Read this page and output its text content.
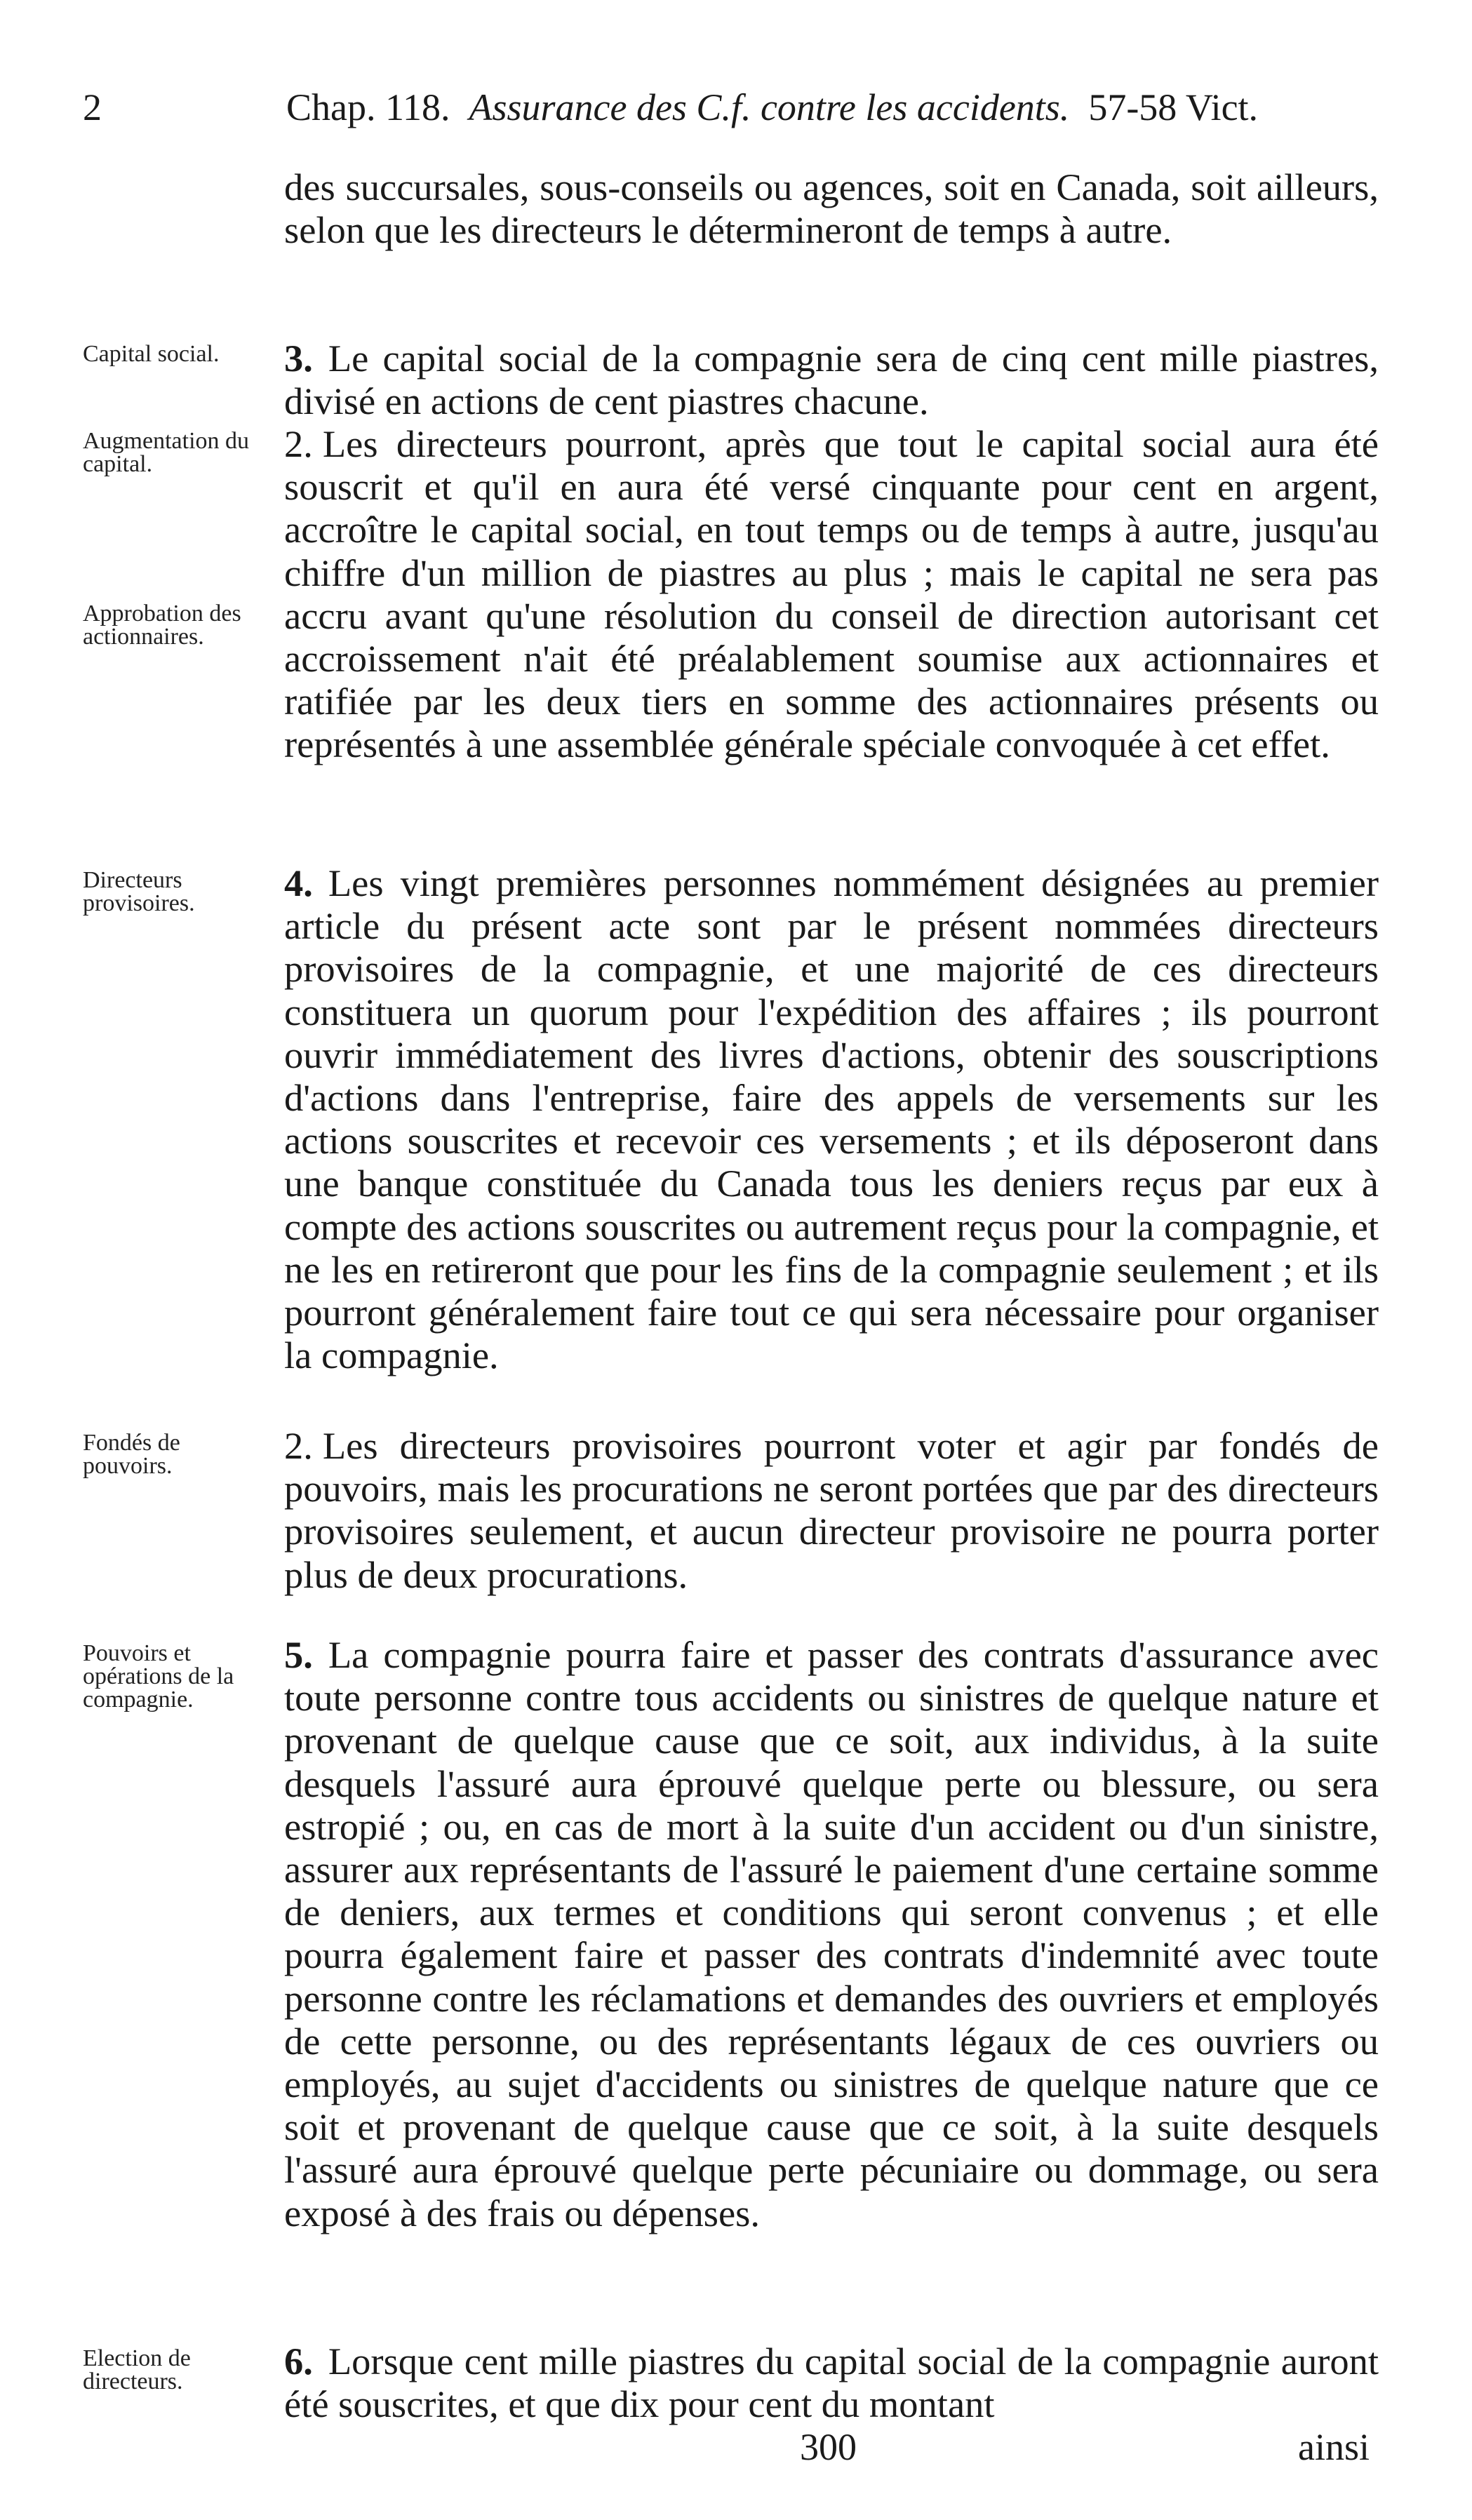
2	Chap. 118. Assurance des C.f. contre les accidents. 57-58 Vict.

des succursales, sous-conseils ou agences, soit en Canada, soit ailleurs, selon que les directeurs le détermineront de temps à autre.

Capital social.	3. Le capital social de la compagnie sera de cinq cent mille piastres, divisé en actions de cent piastres chacune.

Augmentation du capital.

Approbation des actionnaires.

2. Les directeurs pourront, après que tout le capital social aura été souscrit et qu'il en aura été versé cinquante pour cent en argent, accroître le capital social, en tout temps ou de temps à autre, jusqu'au chiffre d'un million de piastres au plus ; mais le capital ne sera pas accru avant qu'une résolution du conseil de direction autorisant cet accroissement n'ait été préalablement soumise aux actionnaires et ratifiée par les deux tiers en somme des actionnaires présents ou représentés à une assemblée générale spéciale convoquée à cet effet.

Directeurs provisoires.	4. Les vingt premières personnes nommément désignées au premier article du présent acte sont par le présent nommées directeurs provisoires de la compagnie, et une majorité de ces directeurs constituera un quorum pour l'expédition des affaires ; ils pourront ouvrir immédiatement des livres d'actions, obtenir des souscriptions d'actions dans l'entreprise, faire des appels de versements sur les actions souscrites et recevoir ces versements ; et ils déposeront dans une banque constituée du Canada tous les deniers reçus par eux à compte des actions souscrites ou autrement reçus pour la compagnie, et ne les en retireront que pour les fins de la compagnie seulement ; et ils pourront généralement faire tout ce qui sera nécessaire pour organiser la compagnie.

Fondés de pouvoirs.	2. Les directeurs provisoires pourront voter et agir par fondés de pouvoirs, mais les procurations ne seront portées que par des directeurs provisoires seulement, et aucun directeur provisoire ne pourra porter plus de deux procurations.

Pouvoirs et opérations de la compagnie.

5. La compagnie pourra faire et passer des contrats d'assurance avec toute personne contre tous accidents ou sinistres de quelque nature et provenant de quelque cause que ce soit, aux individus, à la suite desquels l'assuré aura éprouvé quelque perte ou blessure, ou sera estropié ; ou, en cas de mort à la suite d'un accident ou d'un sinistre, assurer aux représentants de l'assuré le paiement d'une certaine somme de deniers, aux termes et conditions qui seront convenus ; et elle pourra également faire et passer des contrats d'indemnité avec toute personne contre les réclamations et demandes des ouvriers et employés de cette personne, ou des représentants légaux de ces ouvriers ou employés, au sujet d'accidents ou sinistres de quelque nature que ce soit et provenant de quelque cause que ce soit, à la suite desquels l'assuré aura éprouvé quelque perte pécuniaire ou dommage, ou sera exposé à des frais ou dépenses.

Election de directeurs.	6. Lorsque cent mille piastres du capital social de la compagnie auront été souscrites, et que dix pour cent du montant

300	ainsi
